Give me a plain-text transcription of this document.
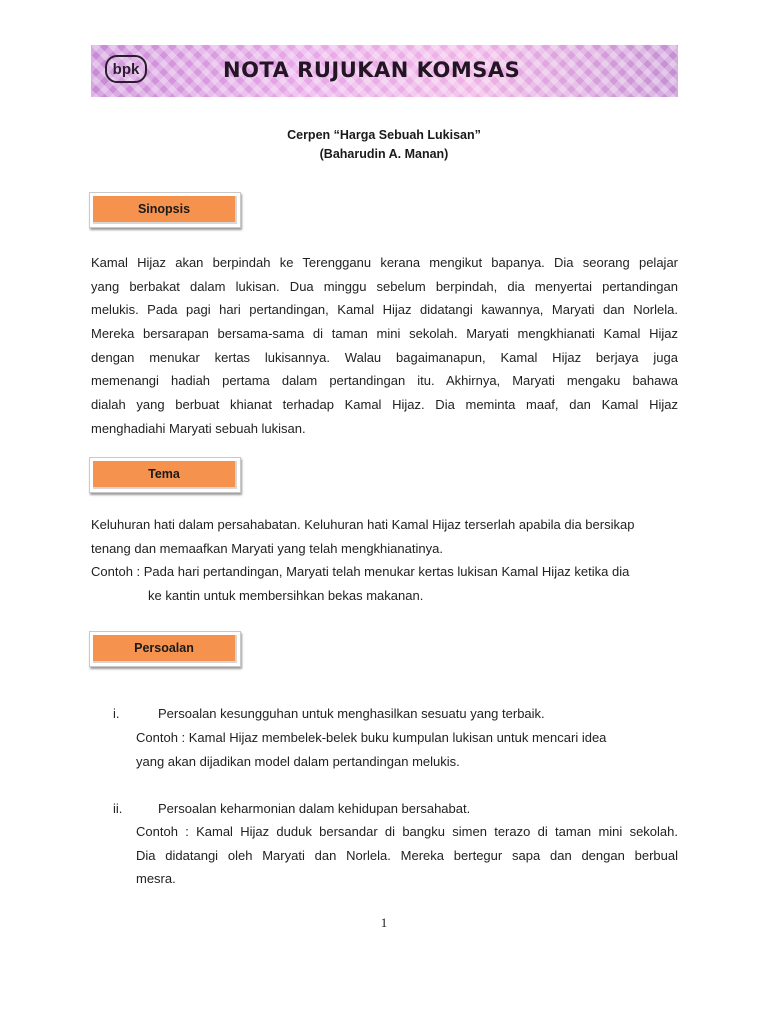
bpk	NOTA RUJUKAN KOMSAS
Cerpen “Harga Sebuah Lukisan”
(Baharudin A. Manan)
Sinopsis
Kamal Hijaz akan berpindah ke Terengganu kerana mengikut bapanya. Dia seorang pelajar
yang berbakat dalam lukisan. Dua minggu sebelum berpindah, dia menyertai pertandingan
melukis. Pada pagi hari pertandingan, Kamal Hijaz didatangi kawannya, Maryati dan Norlela.
Mereka bersarapan bersama-sama di taman mini sekolah. Maryati mengkhianati Kamal Hijaz
dengan menukar kertas lukisannya. Walau bagaimanapun, Kamal Hijaz berjaya juga
memenangi hadiah pertama dalam pertandingan itu. Akhirnya, Maryati mengaku bahawa
dialah yang berbuat khianat terhadap Kamal Hijaz. Dia meminta maaf, dan Kamal Hijaz
menghadiahi Maryati sebuah lukisan.
Tema
Keluhuran hati dalam persahabatan. Keluhuran hati Kamal Hijaz terserlah apabila dia bersikap
tenang dan memaafkan Maryati yang telah mengkhianatinya.
Contoh : Pada hari pertandingan, Maryati telah menukar kertas lukisan Kamal Hijaz ketika dia
ke kantin untuk membersihkan bekas makanan.
Persoalan
i.	Persoalan kesungguhan untuk menghasilkan sesuatu yang terbaik.
Contoh : Kamal Hijaz membelek-belek buku kumpulan lukisan untuk mencari idea
yang akan dijadikan model dalam pertandingan melukis.
ii.	Persoalan keharmonian dalam kehidupan bersahabat.
Contoh : Kamal Hijaz duduk bersandar di bangku simen terazo di taman mini sekolah.
Dia didatangi oleh Maryati dan Norlela. Mereka bertegur sapa dan dengan berbual
mesra.
1
